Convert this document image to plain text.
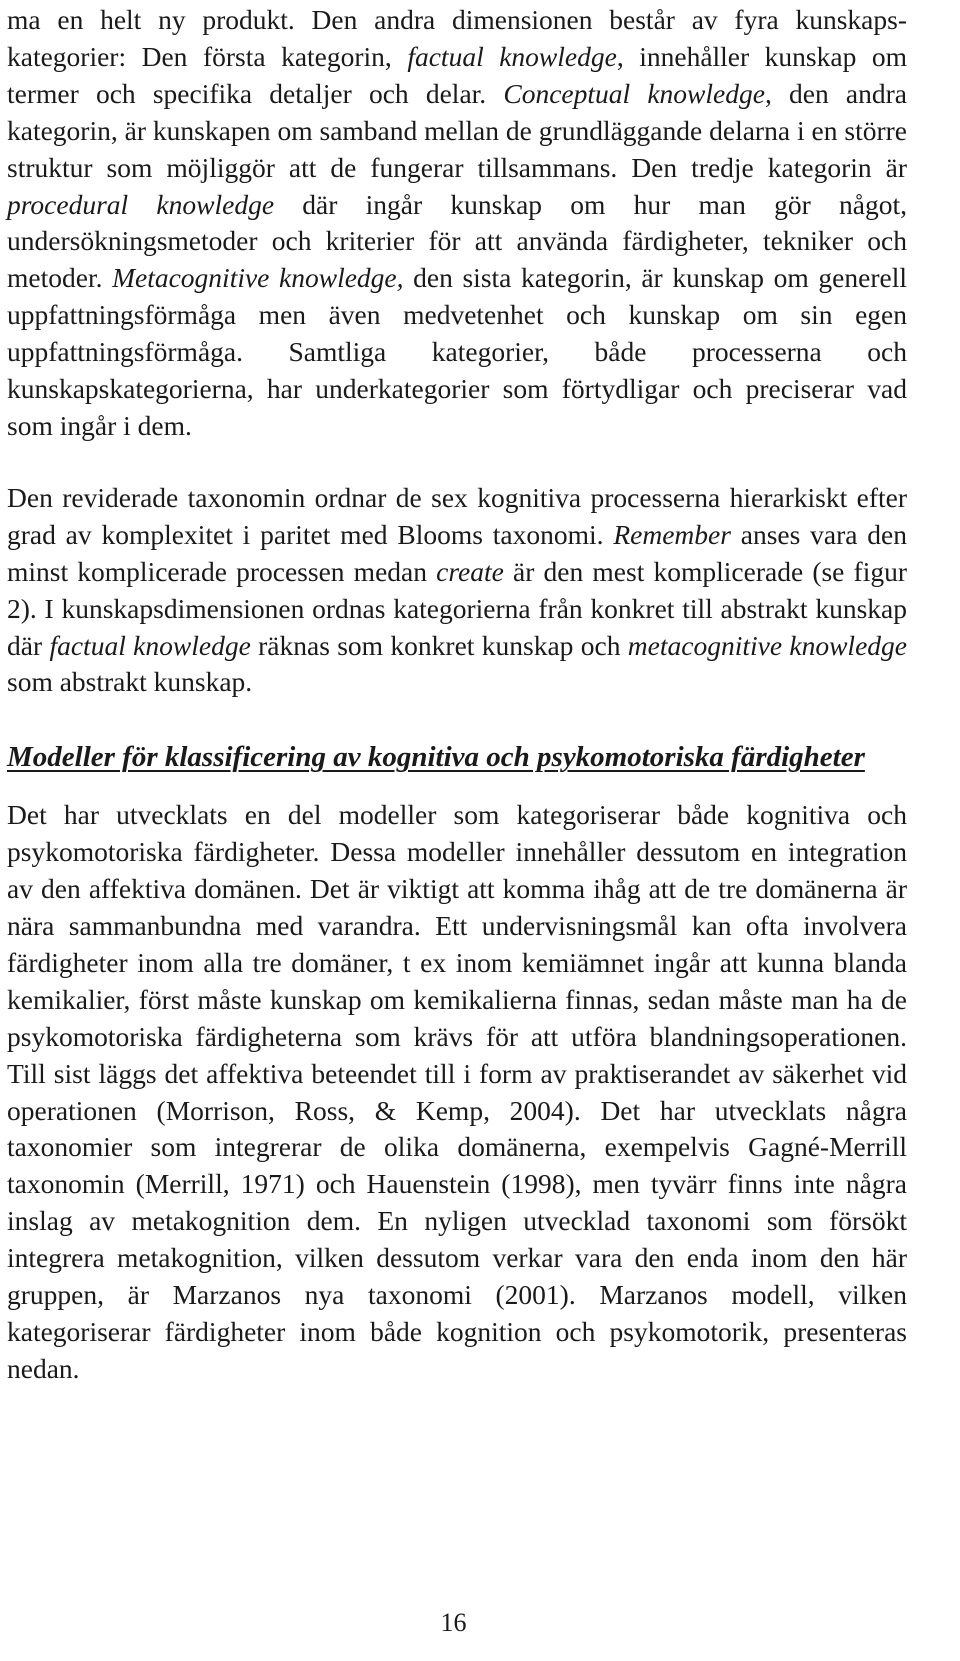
ma en helt ny produkt. Den andra dimensionen består av fyra kunskapskategorier: Den första kategorin, factual knowledge, innehåller kunskap om termer och specifika detaljer och delar. Conceptual knowledge, den andra kategorin, är kunskapen om samband mellan de grundläggande delarna i en större struktur som möjliggör att de fungerar tillsammans. Den tredje kategorin är procedural knowledge där ingår kunskap om hur man gör något, undersökningsmetoder och kriterier för att använda färdigheter, tekniker och metoder. Metacognitive knowledge, den sista kategorin, är kunskap om generell uppfattningsförmåga men även medvetenhet och kunskap om sin egen uppfattningsförmåga. Samtliga kategorier, både processerna och kunskapskategorierna, har underkategorier som förtydligar och preciserar vad som ingår i dem.

Den reviderade taxonomin ordnar de sex kognitiva processerna hierarkiskt efter grad av komplexitet i paritet med Blooms taxonomi. Remember anses vara den minst komplicerade processen medan create är den mest komplicerade (se figur 2). I kunskapsdimensionen ordnas kategorierna från konkret till abstrakt kunskap där factual knowledge räknas som konkret kunskap och metacognitive knowledge som abstrakt kunskap.

Modeller för klassificering av kognitiva och psykomotoriska färdigheter

Det har utvecklats en del modeller som kategoriserar både kognitiva och psykomotoriska färdigheter. Dessa modeller innehåller dessutom en integration av den affektiva domänen. Det är viktigt att komma ihåg att de tre domänerna är nära sammanbundna med varandra. Ett undervisningsmål kan ofta involvera färdigheter inom alla tre domäner, t ex inom kemiämnet ingår att kunna blanda kemikalier, först måste kunskap om kemikalierna finnas, sedan måste man ha de psykomotoriska färdigheterna som krävs för att utföra blandningsoperationen. Till sist läggs det affektiva beteendet till i form av praktiserandet av säkerhet vid operationen (Morrison, Ross, & Kemp, 2004). Det har utvecklats några taxonomier som integrerar de olika domänerna, exempelvis Gagné-Merrill taxonomin (Merrill, 1971) och Hauenstein (1998), men tyvärr finns inte några inslag av metakognition dem. En nyligen utvecklad taxonomi som försökt integrera metakognition, vilken dessutom verkar vara den enda inom den här gruppen, är Marzanos nya taxonomi (2001). Marzanos modell, vilken kategoriserar färdigheter inom både kognition och psykomotorik, presenteras nedan.

16
